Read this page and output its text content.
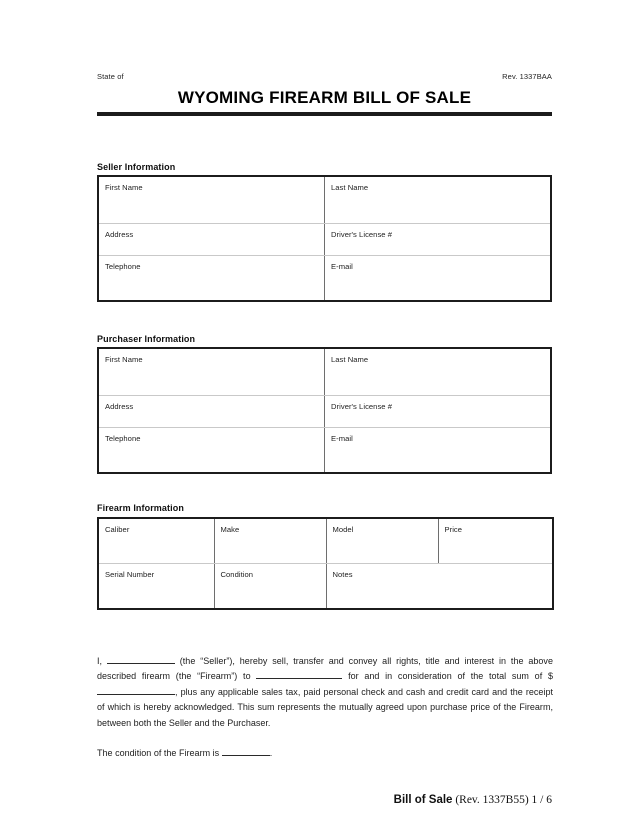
State of	Rev. 1337BAA
WYOMING FIREARM BILL OF SALE
Seller Information
First Name	Last Name
Address	Driver's License #
Telephone	E-mail
Purchaser Information
First Name	Last Name
Address	Driver's License #
Telephone	E-mail
Firearm Information
Caliber	Make	Model	Price
Serial Number	Condition	Notes	

I,	(the “Seller”), hereby sell, transfer and convey all rights, title and interest in the above described firearm (the “Firearm”) to	for and in consideration of the total sum of $ , plus any applicable sales tax, paid personal check and cash and credit card and the receipt of which is hereby acknowledged. This sum represents the mutually agreed upon purchase price of the Firearm, between both the Seller and the Purchaser.

The condition of the Firearm is	.

Bill of Sale (Rev. 1337B55) 1 / 6
